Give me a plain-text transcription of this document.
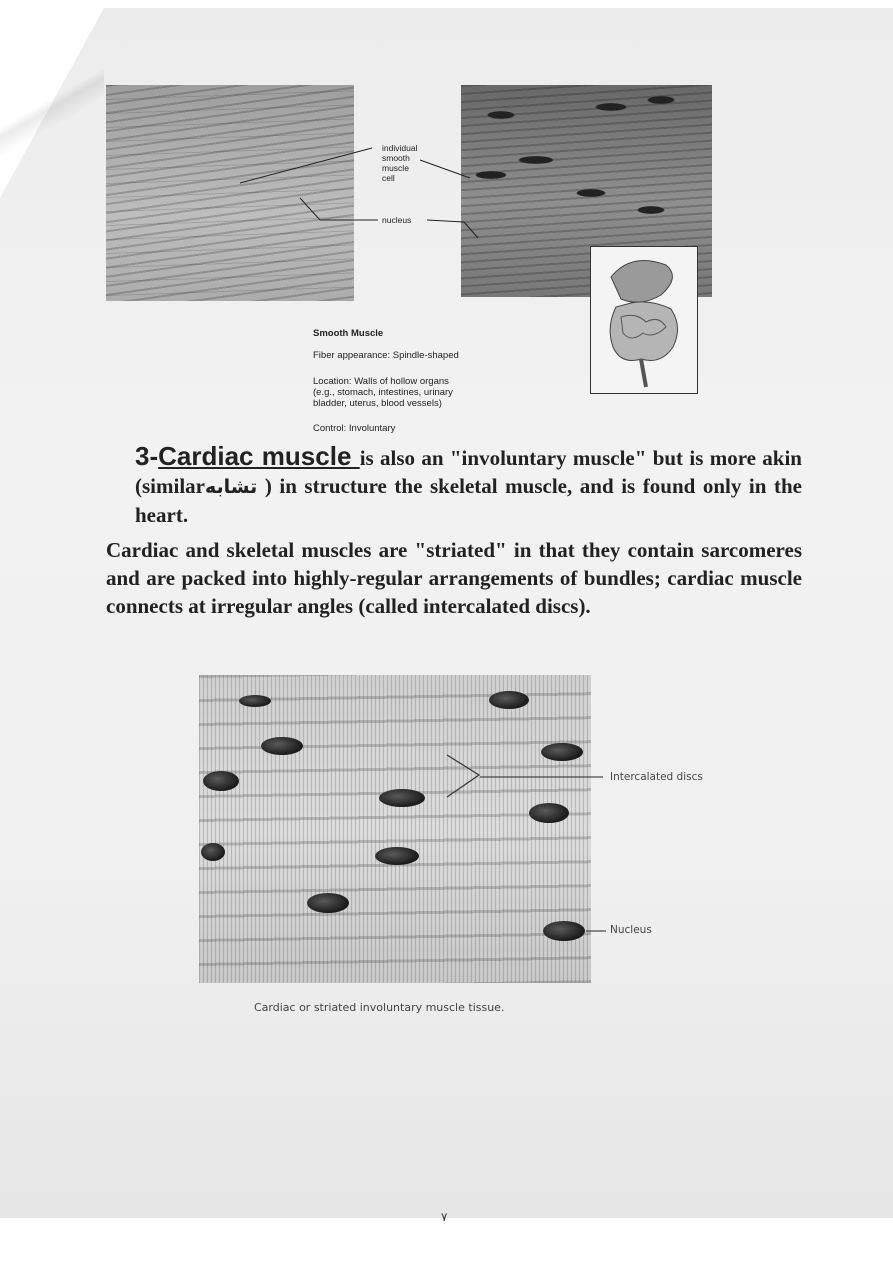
individual
smooth
muscle
cell
nucleus
Smooth Muscle
Fiber appearance: Spindle-shaped
Location: Walls of hollow organs
(e.g., stomach, intestines, urinary
bladder, uterus, blood vessels)
Control: Involuntary
3-Cardiac muscle is also an "involuntary muscle" but is more akin (similarتشابه ) in structure the skeletal muscle, and is found only in the heart.
Cardiac and skeletal muscles are "striated" in that they contain sarcomeres and are packed into highly-regular arrangements of bundles; cardiac muscle connects at irregular angles (called intercalated discs).
Intercalated discs
Nucleus
Cardiac or striated involuntary muscle tissue.
٧
